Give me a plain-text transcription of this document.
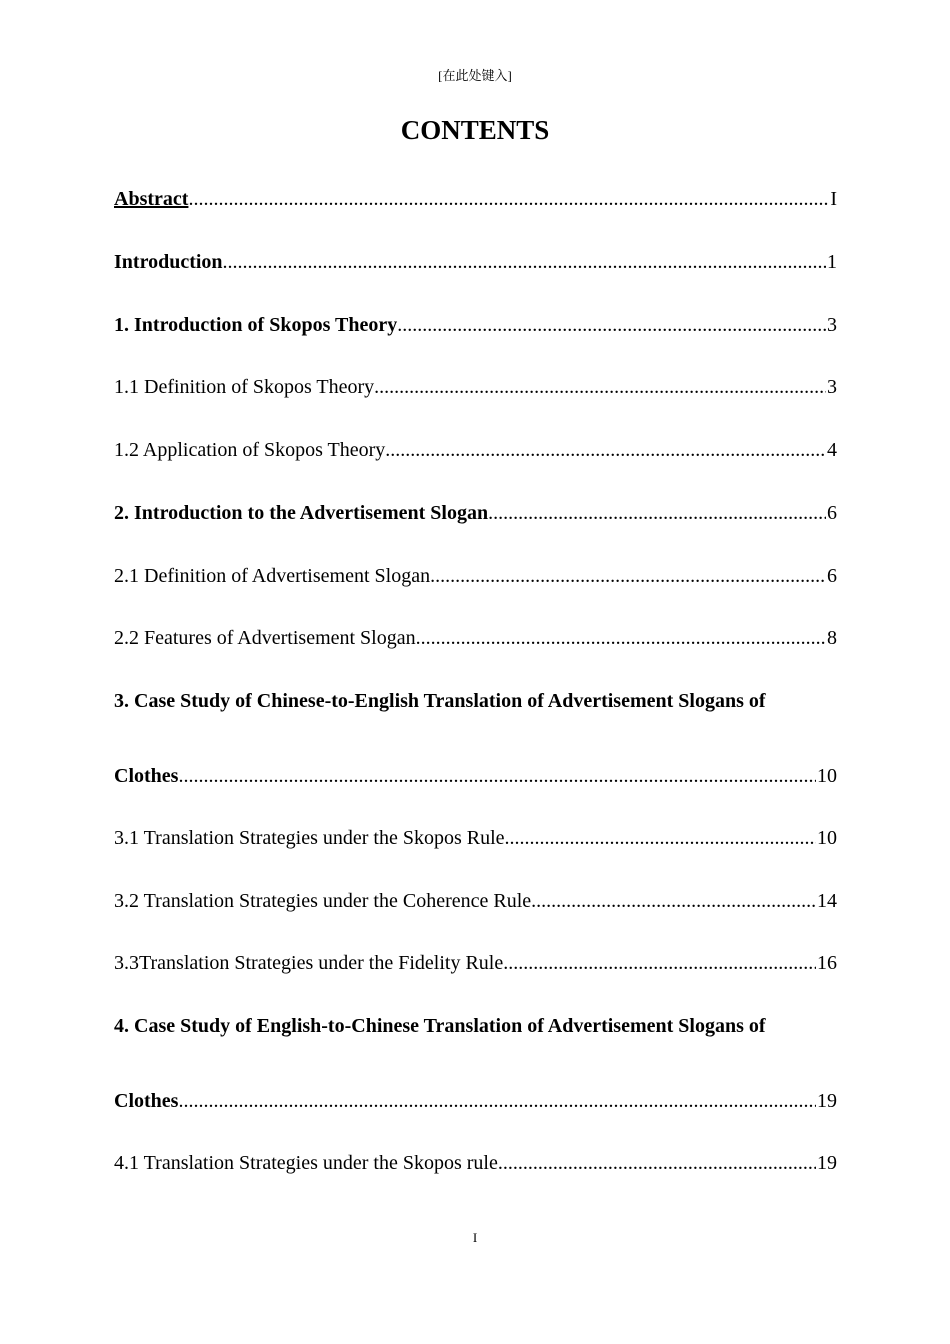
[在此处键入]
CONTENTS
Abstract .....	I
Introduction .....	1
1. Introduction of Skopos Theory .....	3
1.1 Definition of Skopos Theory .....	3
1.2 Application of Skopos Theory .....	4
2. Introduction to the Advertisement Slogan .....	6
2.1 Definition of Advertisement Slogan .....	6
2.2 Features of Advertisement Slogan .....	8
3. Case Study of Chinese-to-English Translation of Advertisement Slogans of
Clothes .....	10
3.1 Translation Strategies under the Skopos Rule .....	10
3.2 Translation Strategies under the Coherence Rule .....	14
3.3Translation Strategies under the Fidelity Rule .....	16
4. Case Study of English-to-Chinese Translation of Advertisement Slogans of
Clothes .....	19
4.1 Translation Strategies under the Skopos rule .....	19
I
